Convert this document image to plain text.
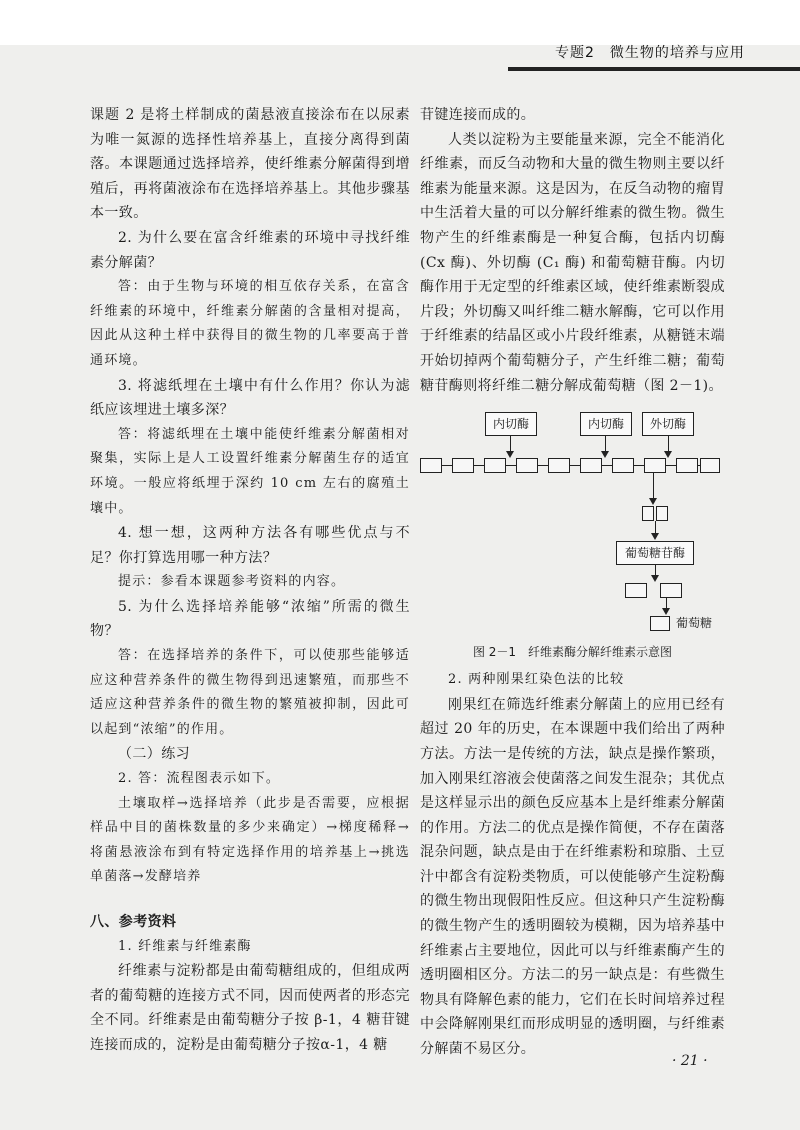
专题2　微生物的培养与应用

课题 2 是将土样制成的菌悬液直接涂布在以尿素为唯一氮源的选择性培养基上，直接分离得到菌落。本课题通过选择培养，使纤维素分解菌得到增殖后，再将菌液涂布在选择培养基上。其他步骤基本一致。

2. 为什么要在富含纤维素的环境中寻找纤维素分解菌？

答：由于生物与环境的相互依存关系，在富含纤维素的环境中，纤维素分解菌的含量相对提高，因此从这种土样中获得目的微生物的几率要高于普通环境。

3. 将滤纸埋在土壤中有什么作用？你认为滤纸应该埋进土壤多深？

答：将滤纸埋在土壤中能使纤维素分解菌相对聚集，实际上是人工设置纤维素分解菌生存的适宜环境。一般应将纸埋于深约 10 cm 左右的腐殖土壤中。

4. 想一想，这两种方法各有哪些优点与不足？你打算选用哪一种方法？

提示：参看本课题参考资料的内容。

5. 为什么选择培养能够“浓缩”所需的微生物？

答：在选择培养的条件下，可以使那些能够适应这种营养条件的微生物得到迅速繁殖，而那些不适应这种营养条件的微生物的繁殖被抑制，因此可以起到“浓缩”的作用。

（二）练习

2. 答：流程图表示如下。

土壤取样→选择培养（此步是否需要，应根据样品中目的菌株数量的多少来确定）→梯度稀释→将菌悬液涂布到有特定选择作用的培养基上→挑选单菌落→发酵培养

八、参考资料

1. 纤维素与纤维素酶

纤维素与淀粉都是由葡萄糖组成的，但组成两者的葡萄糖的连接方式不同，因而使两者的形态完全不同。纤维素是由葡萄糖分子按 β-1，4 糖苷键连接而成的，淀粉是由葡萄糖分子按α-1，4 糖

苷键连接而成的。

人类以淀粉为主要能量来源，完全不能消化纤维素，而反刍动物和大量的微生物则主要以纤维素为能量来源。这是因为，在反刍动物的瘤胃中生活着大量的可以分解纤维素的微生物。微生物产生的纤维素酶是一种复合酶，包括内切酶(Cx 酶)、外切酶 (C₁ 酶) 和葡萄糖苷酶。内切酶作用于无定型的纤维素区域，使纤维素断裂成片段；外切酶又叫纤维二糖水解酶，它可以作用于纤维素的结晶区或小片段纤维素，从糖链末端开始切掉两个葡萄糖分子，产生纤维二糖；葡萄糖苷酶则将纤维二糖分解成葡萄糖（图 2－1)。

内切酶	内切酶	外切酶
葡萄糖苷酶
葡萄糖
图 2－1　纤维素酶分解纤维素示意图

2. 两种刚果红染色法的比较

刚果红在筛选纤维素分解菌上的应用已经有超过 20 年的历史，在本课题中我们给出了两种方法。方法一是传统的方法，缺点是操作繁琐，加入刚果红溶液会使菌落之间发生混杂；其优点是这样显示出的颜色反应基本上是纤维素分解菌的作用。方法二的优点是操作简便，不存在菌落混杂问题，缺点是由于在纤维素粉和琼脂、土豆汁中都含有淀粉类物质，可以使能够产生淀粉酶的微生物出现假阳性反应。但这种只产生淀粉酶的微生物产生的透明圈较为模糊，因为培养基中纤维素占主要地位，因此可以与纤维素酶产生的透明圈相区分。方法二的另一缺点是：有些微生物具有降解色素的能力，它们在长时间培养过程中会降解刚果红而形成明显的透明圈，与纤维素分解菌不易区分。

· 21 ·
